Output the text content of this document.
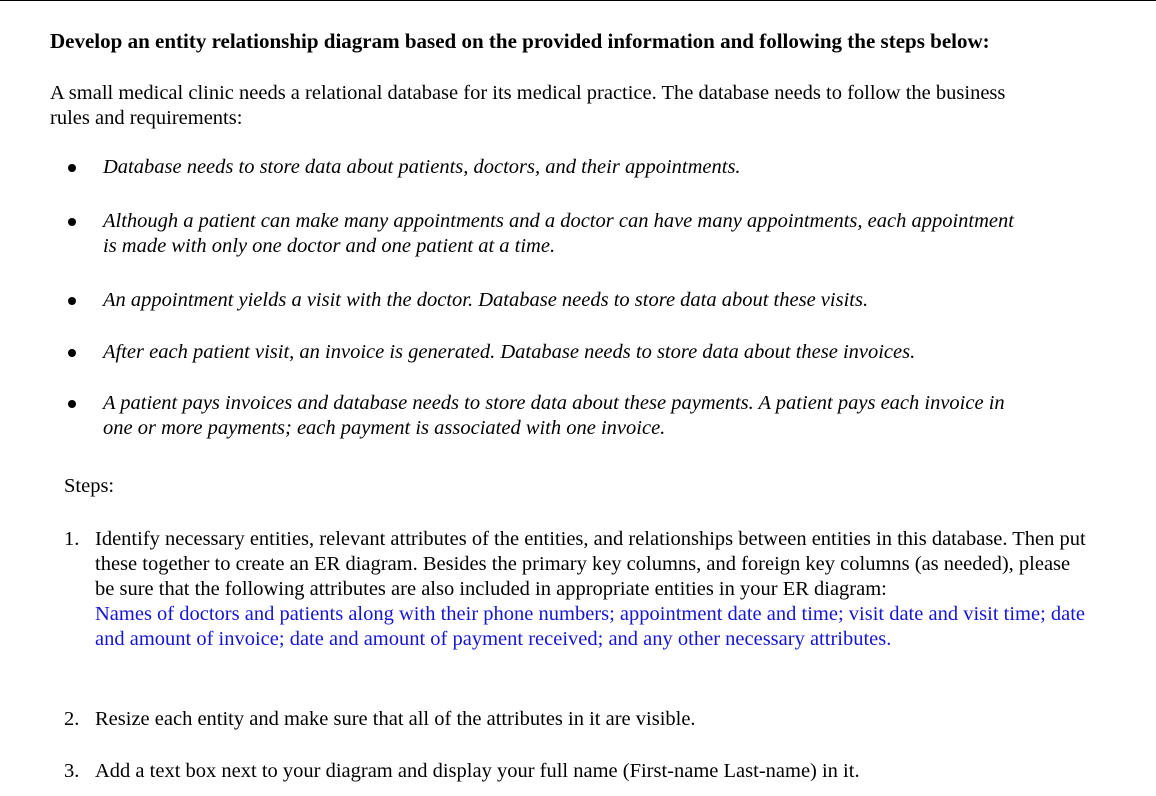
Develop an entity relationship diagram based on the provided information and following the steps below:
A small medical clinic needs a relational database for its medical practice. The database needs to follow the business rules and requirements:
Database needs to store data about patients, doctors, and their appointments.
Although a patient can make many appointments and a doctor can have many appointments, each appointment is made with only one doctor and one patient at a time.
An appointment yields a visit with the doctor. Database needs to store data about these visits.
After each patient visit, an invoice is generated. Database needs to store data about these invoices.
A patient pays invoices and database needs to store data about these payments. A patient pays each invoice in one or more payments; each payment is associated with one invoice.
Steps:
1. Identify necessary entities, relevant attributes of the entities, and relationships between entities in this database. Then put these together to create an ER diagram. Besides the primary key columns, and foreign key columns (as needed), please be sure that the following attributes are also included in appropriate entities in your ER diagram:
Names of doctors and patients along with their phone numbers; appointment date and time; visit date and visit time; date and amount of invoice; date and amount of payment received; and any other necessary attributes.
2. Resize each entity and make sure that all of the attributes in it are visible.
3. Add a text box next to your diagram and display your full name (First-name Last-name) in it.
